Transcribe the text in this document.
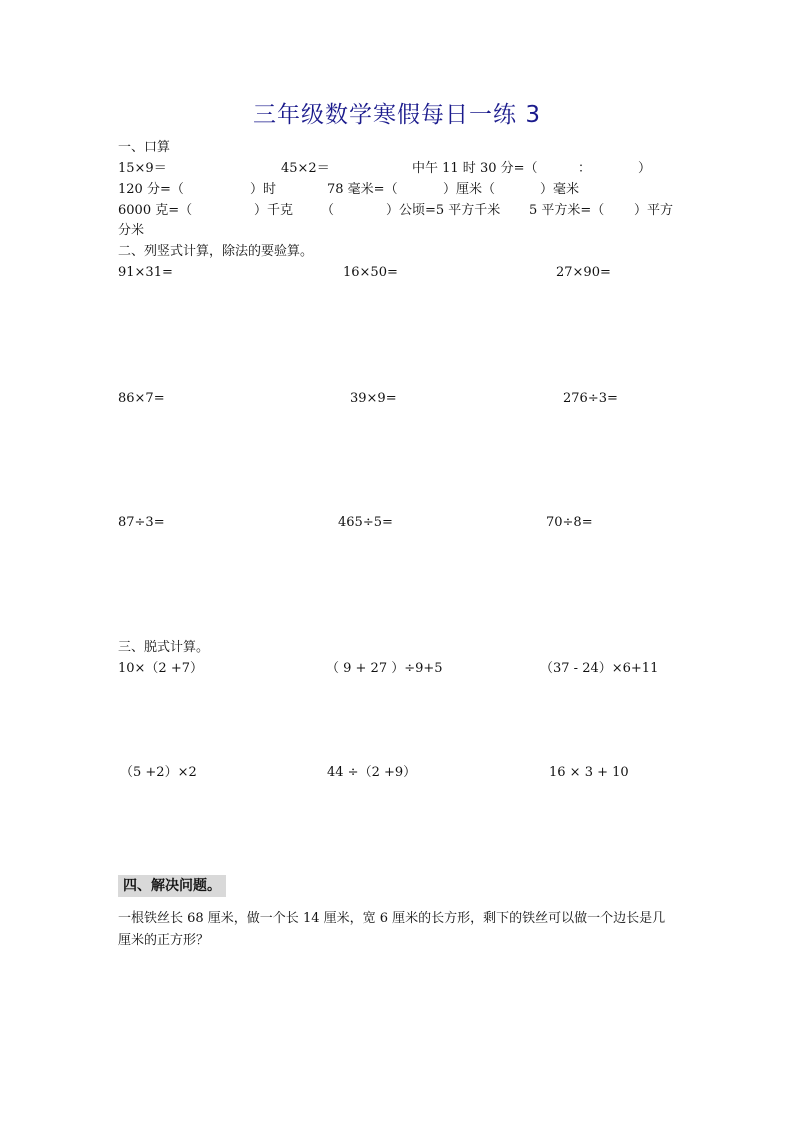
三年级数学寒假每日一练 3
一、口算
15×9＝	45×2＝	中午 11 时 30 分=（	：	）
120 分=（	）时	78 毫米=（	）厘米（	）毫米
6000 克=（	）千克 （	）公顷=5 平方千米 5 平方米=（ ）平方
分米
二、列竖式计算，除法的要验算。
91×31=	16×50=	27×90=
86×7=	39×9=	276÷3=
87÷3=	465÷5=	70÷8=
三、脱式计算。
10×（2 +7）	（ 9 + 27 ）÷9+5	（37 - 24）×6+11
（5 +2）×2	44 ÷（2 +9）	16 × 3 + 10
四、解决问题。
一根铁丝长 68 厘米，做一个长 14 厘米，宽 6 厘米的长方形，剩下的铁丝可以做一个边长是几厘米的正方形？
